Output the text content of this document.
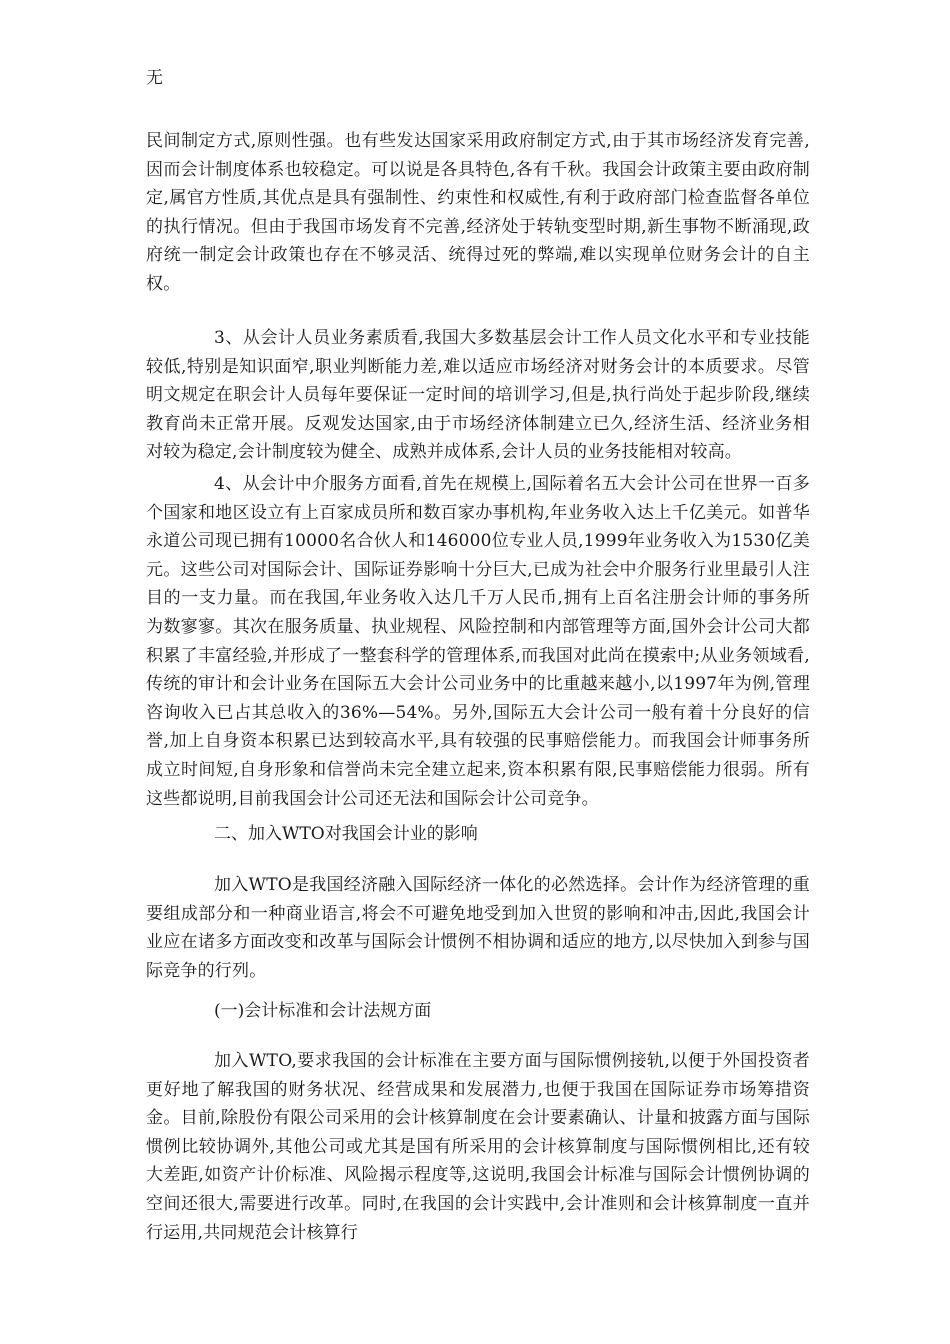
无

民间制定方式,原则性强。也有些发达国家采用政府制定方式,由于其市场经济发育完善,因而会计制度体系也较稳定。可以说是各具特色,各有千秋。我国会计政策主要由政府制定,属官方性质,其优点是具有强制性、约束性和权威性,有利于政府部门检查监督各单位的执行情况。但由于我国市场发育不完善,经济处于转轨变型时期,新生事物不断涌现,政府统一制定会计政策也存在不够灵活、统得过死的弊端,难以实现单位财务会计的自主权。

3、从会计人员业务素质看,我国大多数基层会计工作人员文化水平和专业技能较低,特别是知识面窄,职业判断能力差,难以适应市场经济对财务会计的本质要求。尽管明文规定在职会计人员每年要保证一定时间的培训学习,但是,执行尚处于起步阶段,继续教育尚未正常开展。反观发达国家,由于市场经济体制建立已久,经济生活、经济业务相对较为稳定,会计制度较为健全、成熟并成体系,会计人员的业务技能相对较高。

4、从会计中介服务方面看,首先在规模上,国际着名五大会计公司在世界一百多个国家和地区设立有上百家成员所和数百家办事机构,年业务收入达上千亿美元。如普华永道公司现已拥有10000名合伙人和146000位专业人员,1999年业务收入为1530亿美元。这些公司对国际会计、国际证券影响十分巨大,已成为社会中介服务行业里最引人注目的一支力量。而在我国,年业务收入达几千万人民币,拥有上百名注册会计师的事务所为数寥寥。其次在服务质量、执业规程、风险控制和内部管理等方面,国外会计公司大都积累了丰富经验,并形成了一整套科学的管理体系,而我国对此尚在摸索中;从业务领域看,传统的审计和会计业务在国际五大会计公司业务中的比重越来越小,以1997年为例,管理咨询收入已占其总收入的36%—54%。另外,国际五大会计公司一般有着十分良好的信誉,加上自身资本积累已达到较高水平,具有较强的民事赔偿能力。而我国会计师事务所成立时间短,自身形象和信誉尚未完全建立起来,资本积累有限,民事赔偿能力很弱。所有这些都说明,目前我国会计公司还无法和国际会计公司竞争。

二、加入WTO对我国会计业的影响

加入WTO是我国经济融入国际经济一体化的必然选择。会计作为经济管理的重要组成部分和一种商业语言,将会不可避免地受到加入世贸的影响和冲击,因此,我国会计业应在诸多方面改变和改革与国际会计惯例不相协调和适应的地方,以尽快加入到参与国际竞争的行列。

(一)会计标准和会计法规方面

加入WTO,要求我国的会计标准在主要方面与国际惯例接轨,以便于外国投资者更好地了解我国的财务状况、经营成果和发展潜力,也便于我国在国际证券市场筹措资金。目前,除股份有限公司采用的会计核算制度在会计要素确认、计量和披露方面与国际惯例比较协调外,其他公司或尤其是国有所采用的会计核算制度与国际惯例相比,还有较大差距,如资产计价标准、风险揭示程度等,这说明,我国会计标准与国际会计惯例协调的空间还很大,需要进行改革。同时,在我国的会计实践中,会计准则和会计核算制度一直并行运用,共同规范会计核算行
